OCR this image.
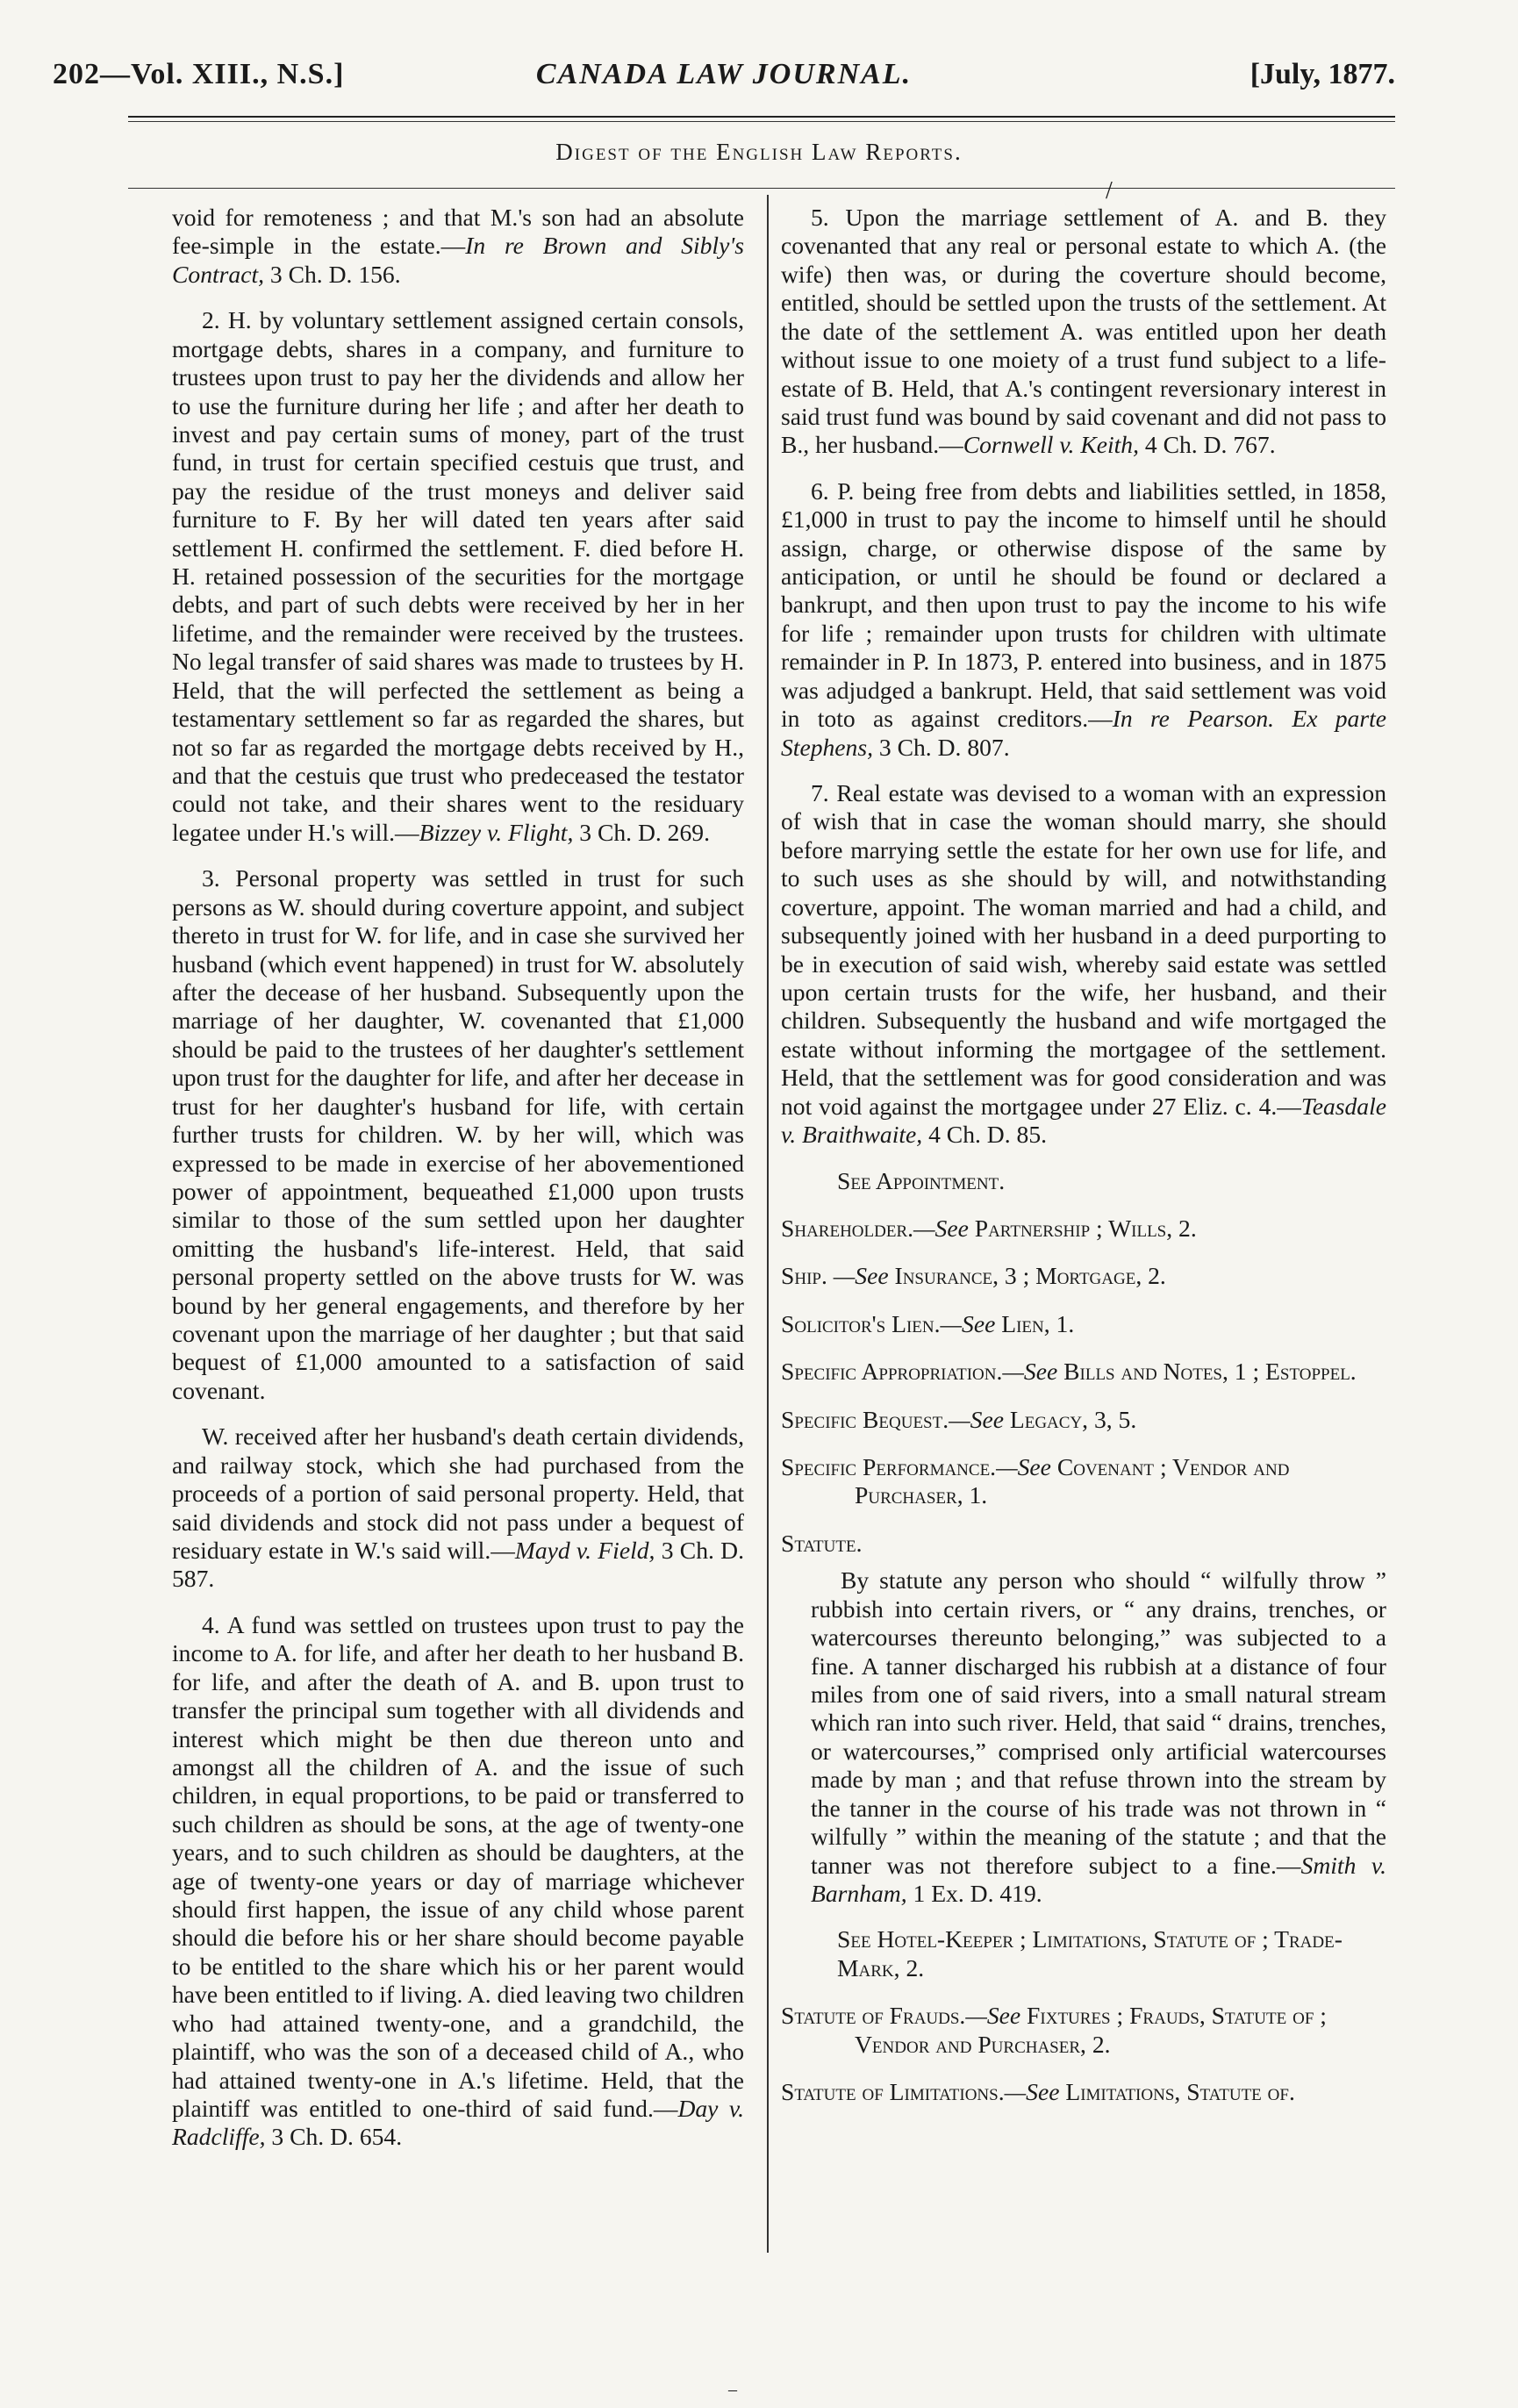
202—Vol. XIII., N.S.]	CANADA LAW JOURNAL.	[July, 1877.
Digest of the English Law Reports.
/

void for remoteness ; and that M.'s son had an absolute fee-simple in the estate.—In re Brown and Sibly's Contract, 3 Ch. D. 156.

2. H. by voluntary settlement assigned certain consols, mortgage debts, shares in a company, and furniture to trustees upon trust to pay her the dividends and allow her to use the furniture during her life ; and after her death to invest and pay certain sums of money, part of the trust fund, in trust for certain specified cestuis que trust, and pay the residue of the trust moneys and deliver said furniture to F. By her will dated ten years after said settlement H. confirmed the settlement. F. died before H. H. retained possession of the securities for the mortgage debts, and part of such debts were received by her in her lifetime, and the remainder were received by the trustees. No legal transfer of said shares was made to trustees by H. Held, that the will perfected the settlement as being a testamentary settlement so far as regarded the shares, but not so far as regarded the mortgage debts received by H., and that the cestuis que trust who predeceased the testator could not take, and their shares went to the residuary legatee under H.'s will.—Bizzey v. Flight, 3 Ch. D. 269.

3. Personal property was settled in trust for such persons as W. should during coverture appoint, and subject thereto in trust for W. for life, and in case she survived her husband (which event happened) in trust for W. absolutely after the decease of her husband. Subsequently upon the marriage of her daughter, W. covenanted that £1,000 should be paid to the trustees of her daughter's settlement upon trust for the daughter for life, and after her decease in trust for her daughter's husband for life, with certain further trusts for children. W. by her will, which was expressed to be made in exercise of her abovementioned power of appointment, bequeathed £1,000 upon trusts similar to those of the sum settled upon her daughter omitting the husband's life-interest. Held, that said personal property settled on the above trusts for W. was bound by her general engagements, and therefore by her covenant upon the marriage of her daughter ; but that said bequest of £1,000 amounted to a satisfaction of said covenant.

W. received after her husband's death certain dividends, and railway stock, which she had purchased from the proceeds of a portion of said personal property. Held, that said dividends and stock did not pass under a bequest of residuary estate in W.'s said will.—Mayd v. Field, 3 Ch. D. 587.

4. A fund was settled on trustees upon trust to pay the income to A. for life, and after her death to her husband B. for life, and after the death of A. and B. upon trust to transfer the principal sum together with all dividends and interest which might be then due thereon unto and amongst all the children of A. and the issue of such children, in equal proportions, to be paid or transferred to such children as should be sons, at the age of twenty-one years, and to such children as should be daughters, at the age of twenty-one years or day of marriage whichever should first happen, the issue of any child whose parent should die before his or her share should become payable to be entitled to the share which his or her parent would have been entitled to if living. A. died leaving two children who had attained twenty-one, and a grandchild, the plaintiff, who was the son of a deceased child of A., who had attained twenty-one in A.'s lifetime. Held, that the plaintiff was entitled to one-third of said fund.—Day v. Radcliffe, 3 Ch. D. 654.

5. Upon the marriage settlement of A. and B. they covenanted that any real or personal estate to which A. (the wife) then was, or during the coverture should become, entitled, should be settled upon the trusts of the settlement. At the date of the settlement A. was entitled upon her death without issue to one moiety of a trust fund subject to a life-estate of B. Held, that A.'s contingent reversionary interest in said trust fund was bound by said covenant and did not pass to B., her husband.—Cornwell v. Keith, 4 Ch. D. 767.

6. P. being free from debts and liabilities settled, in 1858, £1,000 in trust to pay the income to himself until he should assign, charge, or otherwise dispose of the same by anticipation, or until he should be found or declared a bankrupt, and then upon trust to pay the income to his wife for life ; remainder upon trusts for children with ultimate remainder in P. In 1873, P. entered into business, and in 1875 was adjudged a bankrupt. Held, that said settlement was void in toto as against creditors.—In re Pearson. Ex parte Stephens, 3 Ch. D. 807.

7. Real estate was devised to a woman with an expression of wish that in case the woman should marry, she should before marrying settle the estate for her own use for life, and to such uses as she should by will, and notwithstanding coverture, appoint. The woman married and had a child, and subsequently joined with her husband in a deed purporting to be in execution of said wish, whereby said estate was settled upon certain trusts for the wife, her husband, and their children. Subsequently the husband and wife mortgaged the estate without informing the mortgagee of the settlement. Held, that the settlement was for good consideration and was not void against the mortgagee under 27 Eliz. c. 4.—Teasdale v. Braithwaite, 4 Ch. D. 85.

See Appointment.
Shareholder.—See Partnership ; Wills, 2.
Ship. —See Insurance, 3 ; Mortgage, 2.
Solicitor's Lien.—See Lien, 1.
Specific Appropriation.—See Bills and Notes, 1 ; Estoppel.
Specific Bequest.—See Legacy, 3, 5.
Specific Performance.—See Covenant ; Vendor and Purchaser, 1.
Statute.

By statute any person who should “ wilfully throw ” rubbish into certain rivers, or “ any drains, trenches, or watercourses thereunto belonging,” was subjected to a fine. A tanner discharged his rubbish at a distance of four miles from one of said rivers, into a small natural stream which ran into such river. Held, that said “ drains, trenches, or watercourses,” comprised only artificial watercourses made by man ; and that refuse thrown into the stream by the tanner in the course of his trade was not thrown in “ wilfully ” within the meaning of the statute ; and that the tanner was not therefore subject to a fine.—Smith v. Barnham, 1 Ex. D. 419.

See Hotel-Keeper ; Limitations, Statute of ; Trade-Mark, 2.
Statute of Frauds.—See Fixtures ; Frauds, Statute of ; Vendor and Purchaser, 2.
Statute of Limitations.—See Limitations, Statute of.
–
